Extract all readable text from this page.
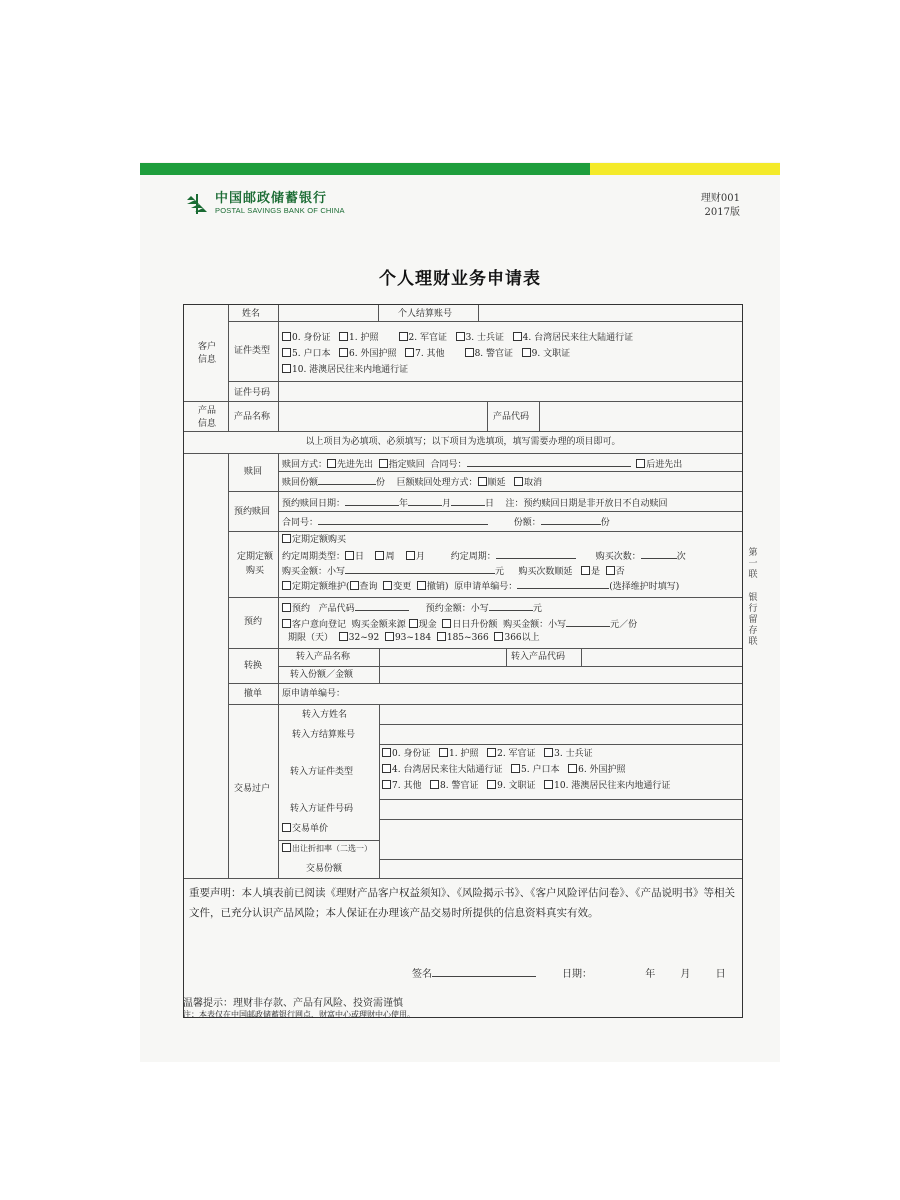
中国邮政储蓄银行
POSTAL SAVINGS BANK OF CHINA
理财001
2017版
个人理财业务申请表
第
一
联
银
行
留
存
联
客户信息
姓名	个人结算账号
证件类型
0. 身份证 1. 护照	2. 军官证 3. 士兵证 4. 台湾居民来往大陆通行证
5. 户口本 6. 外国护照 7. 其他	8. 警官证 9. 文职证
10. 港澳居民往来内地通行证
证件号码
产品信息
产品名称	产品代码
以上项目为必填项、必须填写；以下项目为选填项，填写需要办理的项目即可。
赎回
赎回方式： 先进先出 指定赎回 合同号：	后进先出
赎回份额	份 巨额赎回处理方式： 顺延 取消
预约赎回
预约赎回日期：	年	月	日 注：预约赎回日期是非开放日不自动赎回
合同号：	份额：	份
定期定额
购买
定期定额购买
约定周期类型： 日 周 月	约定周期：	购买次数：	次
购买金额：小写	元 购买次数顺延 是 否
定期定额维护( 查询 变更 撤销) 原申请单编号：	(选择维护时填写)
预约
预约 产品代码	预约金额：小写	元
客户意向登记 购买金额来源 现金 日日升份额 购买金额：小写	元／份
期限（天） 32~92 93~184 185~366 366以上
转换
转入产品名称	转入产品代码
转入份额／金额
撤单 原申请单编号：
交易过户
转入方姓名
转入方结算账号
转入方证件类型
0. 身份证 1. 护照 2. 军官证 3. 士兵证
4. 台湾居民来往大陆通行证 5. 户口本 6. 外国护照
7. 其他 8. 警官证 9. 文职证 10. 港澳居民往来内地通行证
转入方证件号码
交易单价
出让折扣率（二选一）
交易份额
重要声明：本人填表前已阅读《理财产品客户权益须知》、《风险揭示书》、《客户风险评估问卷》、《产品说明书》等相关文件，已充分认识产品风险；本人保证在办理该产品交易时所提供的信息资料真实有效。
签名	日期：	年	月	日
温馨提示：理财非存款、产品有风险、投资需谨慎
注：本表仅在中国邮政储蓄银行网点、财富中心或理财中心使用。
